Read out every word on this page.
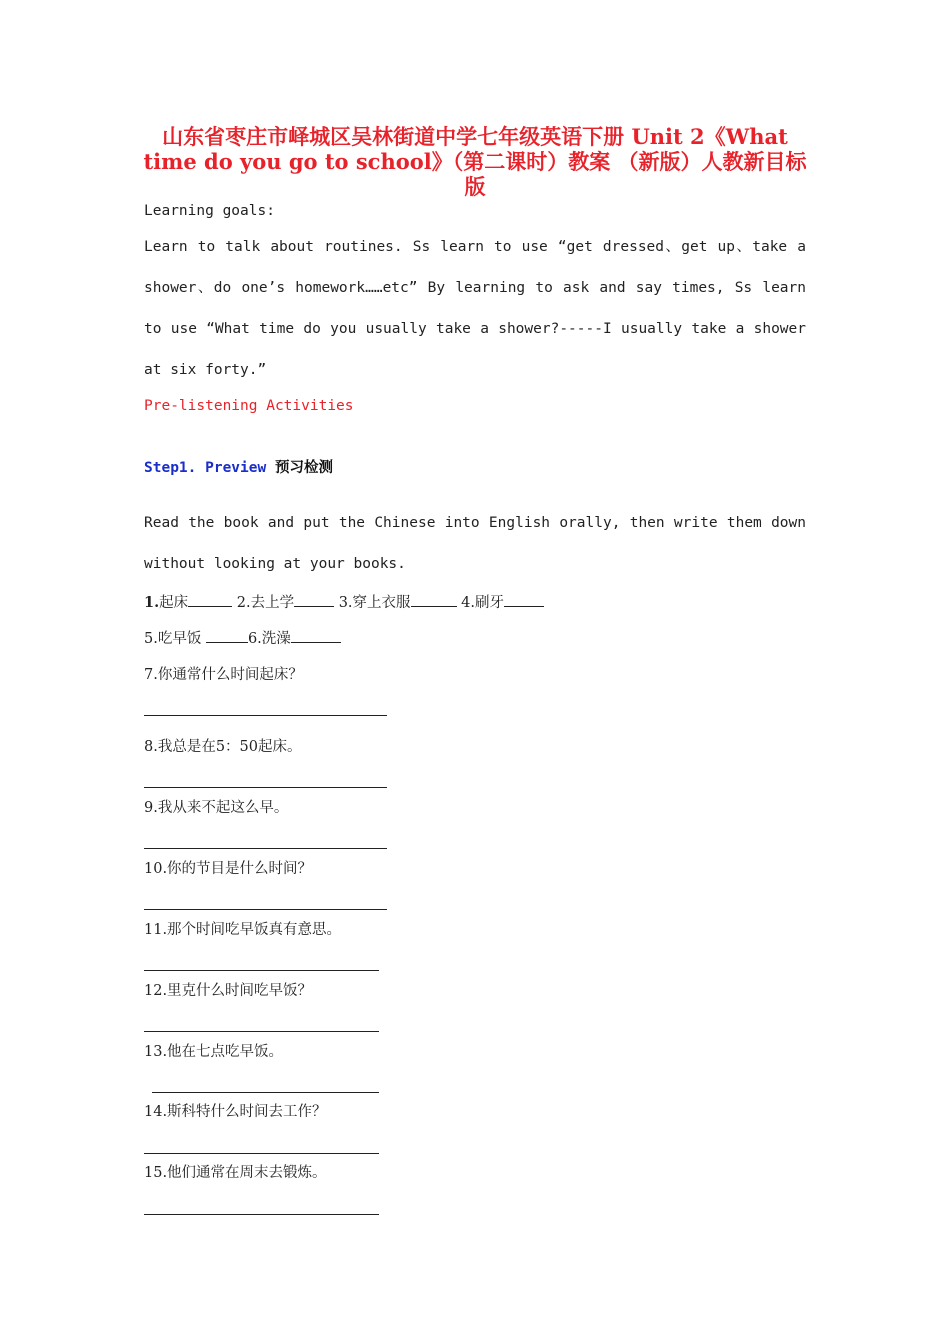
山东省枣庄市峄城区吴林街道中学七年级英语下册 Unit 2《What time do you go to school》（第二课时）教案 （新版）人教新目标版
Learning goals:
Learn to talk about routines. Ss learn to use “get dressed、get up、take a shower、do one’s homework……etc” By learning to ask and say times, Ss learn to use “What time do you usually take a shower?-----I usually take a shower at six forty.”
Pre-listening Activities
Step1. Preview 预习检测
Read the book and put the Chinese into English orally, then write them down without looking at your books.
1.起床	2.去上学	3.穿上衣服	4.刷牙
5.吃早饭	6.洗澡
7.你通常什么时间起床？
8.我总是在5：50起床。
9.我从来不起这么早。
10.你的节目是什么时间？
11.那个时间吃早饭真有意思。
12.里克什么时间吃早饭？
13.他在七点吃早饭。
14.斯科特什么时间去工作？
15.他们通常在周末去锻炼。
